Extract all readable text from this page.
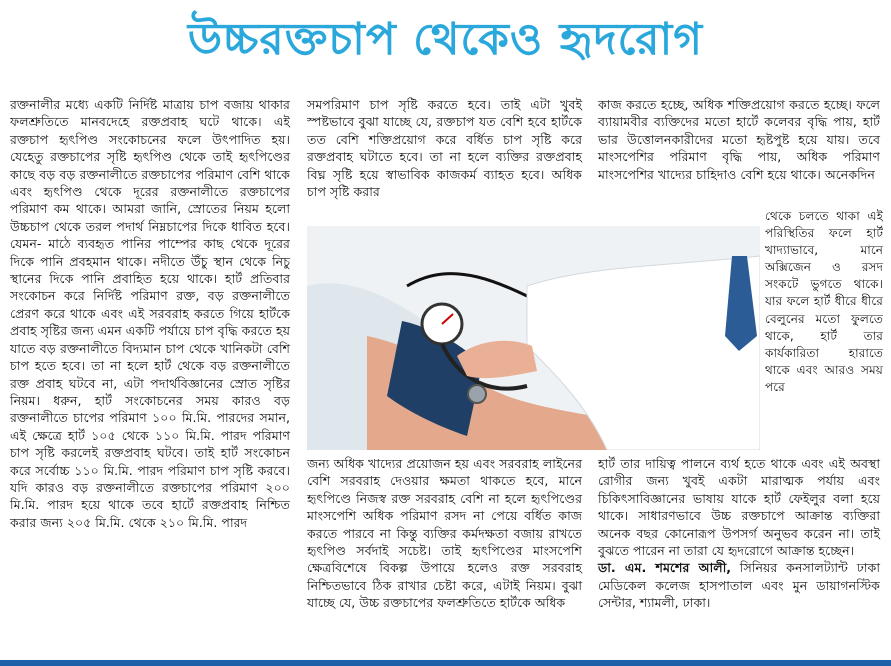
উচ্চরক্তচাপ থেকেও হৃদরোগ

রক্তনালীর মধ্যে একটি নির্দিষ্ট মাত্রায় চাপ বজায় থাকার ফলশ্রুতিতে মানবদেহে রক্তপ্রবাহ ঘটে থাকে। এই রক্তচাপ হৃৎপিণ্ড সংকোচনের ফলে উৎপাদিত হয়। যেহেতু রক্তচাপের সৃষ্টি হৃৎপিণ্ড থেকে তাই হৃৎপিণ্ডের কাছে বড় বড় রক্তনালীতে রক্তচাপের পরিমাণ বেশি থাকে এবং হৃৎপিণ্ড থেকে দূরের রক্তনালীতে রক্তচাপের পরিমাণ কম থাকে। আমরা জানি, স্রোতের নিয়ম হলো উচ্চচাপ থেকে তরল পদার্থ নিম্নচাপের দিকে ধাবিত হবে। যেমন- মাঠে ব্যবহৃত পানির পাম্পের কাছ থেকে দূরের দিকে পানি প্রবহমান থাকে। নদীতে উঁচু স্থান থেকে নিচু স্থানের দিকে পানি প্রবাহিত হয়ে থাকে। হার্ট প্রতিবার সংকোচন করে নির্দিষ্ট পরিমাণ রক্ত, বড় রক্তনালীতে প্রেরণ করে থাকে এবং এই সরবরাহ করতে গিয়ে হার্টকে প্রবাহ সৃষ্টির জন্য এমন একটি পর্যায়ে চাপ বৃদ্ধি করতে হয় যাতে বড় রক্তনালীতে বিদ্যমান চাপ থেকে খানিকটা বেশি চাপ হতে হবে। তা না হলে হার্ট থেকে বড় রক্তনালীতে রক্ত প্রবাহ ঘটবে না, এটা পদার্থবিজ্ঞানের স্রোত সৃষ্টির নিয়ম। ধরুন, হার্ট সংকোচনের সময় কারও বড় রক্তনালীতে চাপের পরিমাণ ১০০ মি.মি. পারদের সমান, এই ক্ষেত্রে হার্ট ১০৫ থেকে ১১০ মি.মি. পারদ পরিমাণ চাপ সৃষ্টি করলেই রক্তপ্রবাহ ঘটবে। তাই হার্ট সংকোচন করে সর্বোচ্চ ১১০ মি.মি. পারদ পরিমাণ চাপ সৃষ্টি করবে। যদি কারও বড় রক্তনালীতে রক্তচাপের পরিমাণ ২০০ মি.মি. পারদ হয়ে থাকে তবে হার্টে রক্তপ্রবাহ নিশ্চিত করার জন্য ২০৫ মি.মি. থেকে ২১০ মি.মি. পারদ

সমপরিমাণ চাপ সৃষ্টি করতে হবে। তাই এটা খুবই স্পষ্টভাবে বুঝা যাচ্ছে যে, রক্তচাপ যত বেশি হবে হার্টকে তত বেশি শক্তিপ্রয়োগ করে বর্ধিত চাপ সৃষ্টি করে রক্তপ্রবাহ ঘটাতে হবে। তা না হলে ব্যক্তির রক্তপ্রবাহ বিঘ্ন সৃষ্টি হয়ে স্বাভাবিক কাজকর্ম ব্যাহত হবে। অধিক চাপ সৃষ্টি করার

কাজ করতে হচ্ছে, অধিক শক্তিপ্রয়োগ করতে হচ্ছে। ফলে ব্যায়ামবীর ব্যক্তিদের মতো হার্টে কলেবর বৃদ্ধি পায়, হার্ট ভার উত্তোলনকারীদের মতো হৃষ্টপুষ্ট হয়ে যায়। তবে মাংসপেশির পরিমাণ বৃদ্ধি পায়, অধিক পরিমাণ মাংসপেশির খাদ্যের চাহিদাও বেশি হয়ে থাকে। অনেকদিন

থেকে চলতে থাকা এই পরিস্থিতির ফলে হার্ট খাদ্যাভাবে, মানে অক্সিজেন ও রসদ সংকটে ভুগতে থাকে। যার ফলে হার্ট ধীরে ধীরে বেলুনের মতো ফুলতে থাকে, হার্ট তার কার্যকারিতা হারাতে থাকে এবং আরও সময় পরে

জন্য অধিক খাদ্যের প্রয়োজন হয় এবং সরবরাহ লাইনের বেশি সরবরাহ দেওয়ার ক্ষমতা থাকতে হবে, মানে হৃৎপিণ্ডে নিজস্ব রক্ত সরবরাহ বেশি না হলে হৃৎপিণ্ডের মাংসপেশি অধিক পরিমাণ রসদ না পেয়ে বর্ধিত কাজ করতে পারবে না কিন্তু ব্যক্তির কর্মদক্ষতা বজায় রাখতে হৃৎপিণ্ড সর্বদাই সচেষ্ট। তাই হৃৎপিণ্ডের মাংসপেশি ক্ষেত্রবিশেষে বিকল্প উপায়ে হলেও রক্ত সরবরাহ নিশ্চিতভাবে ঠিক রাখার চেষ্টা করে, এটাই নিয়ম। বুঝা যাচ্ছে যে, উচ্চ রক্তচাপের ফলশ্রুতিতে হার্টকে অধিক

হার্ট তার দায়িত্ব পালনে ব্যর্থ হতে থাকে এবং এই অবস্থা রোগীর জন্য খুবই একটা মারাত্মক পর্যায় এবং চিকিৎসাবিজ্ঞানের ভাষায় যাকে হার্ট ফেইলুর বলা হয়ে থাকে। সাধারণভাবে উচ্চ রক্তচাপে আক্রান্ত ব্যক্তিরা অনেক বছর কোনোরূপ উপসর্গ অনুভব করেন না। তাই বুঝতে পারেন না তারা যে হৃদরোগে আক্রান্ত হচ্ছেন।

ডা. এম. শমশের আলী, সিনিয়র কনসালট্যান্ট ঢাকা মেডিকেল কলেজ হাসপাতাল এবং মুন ডায়াগনস্টিক সেন্টার, শ্যামলী, ঢাকা।
